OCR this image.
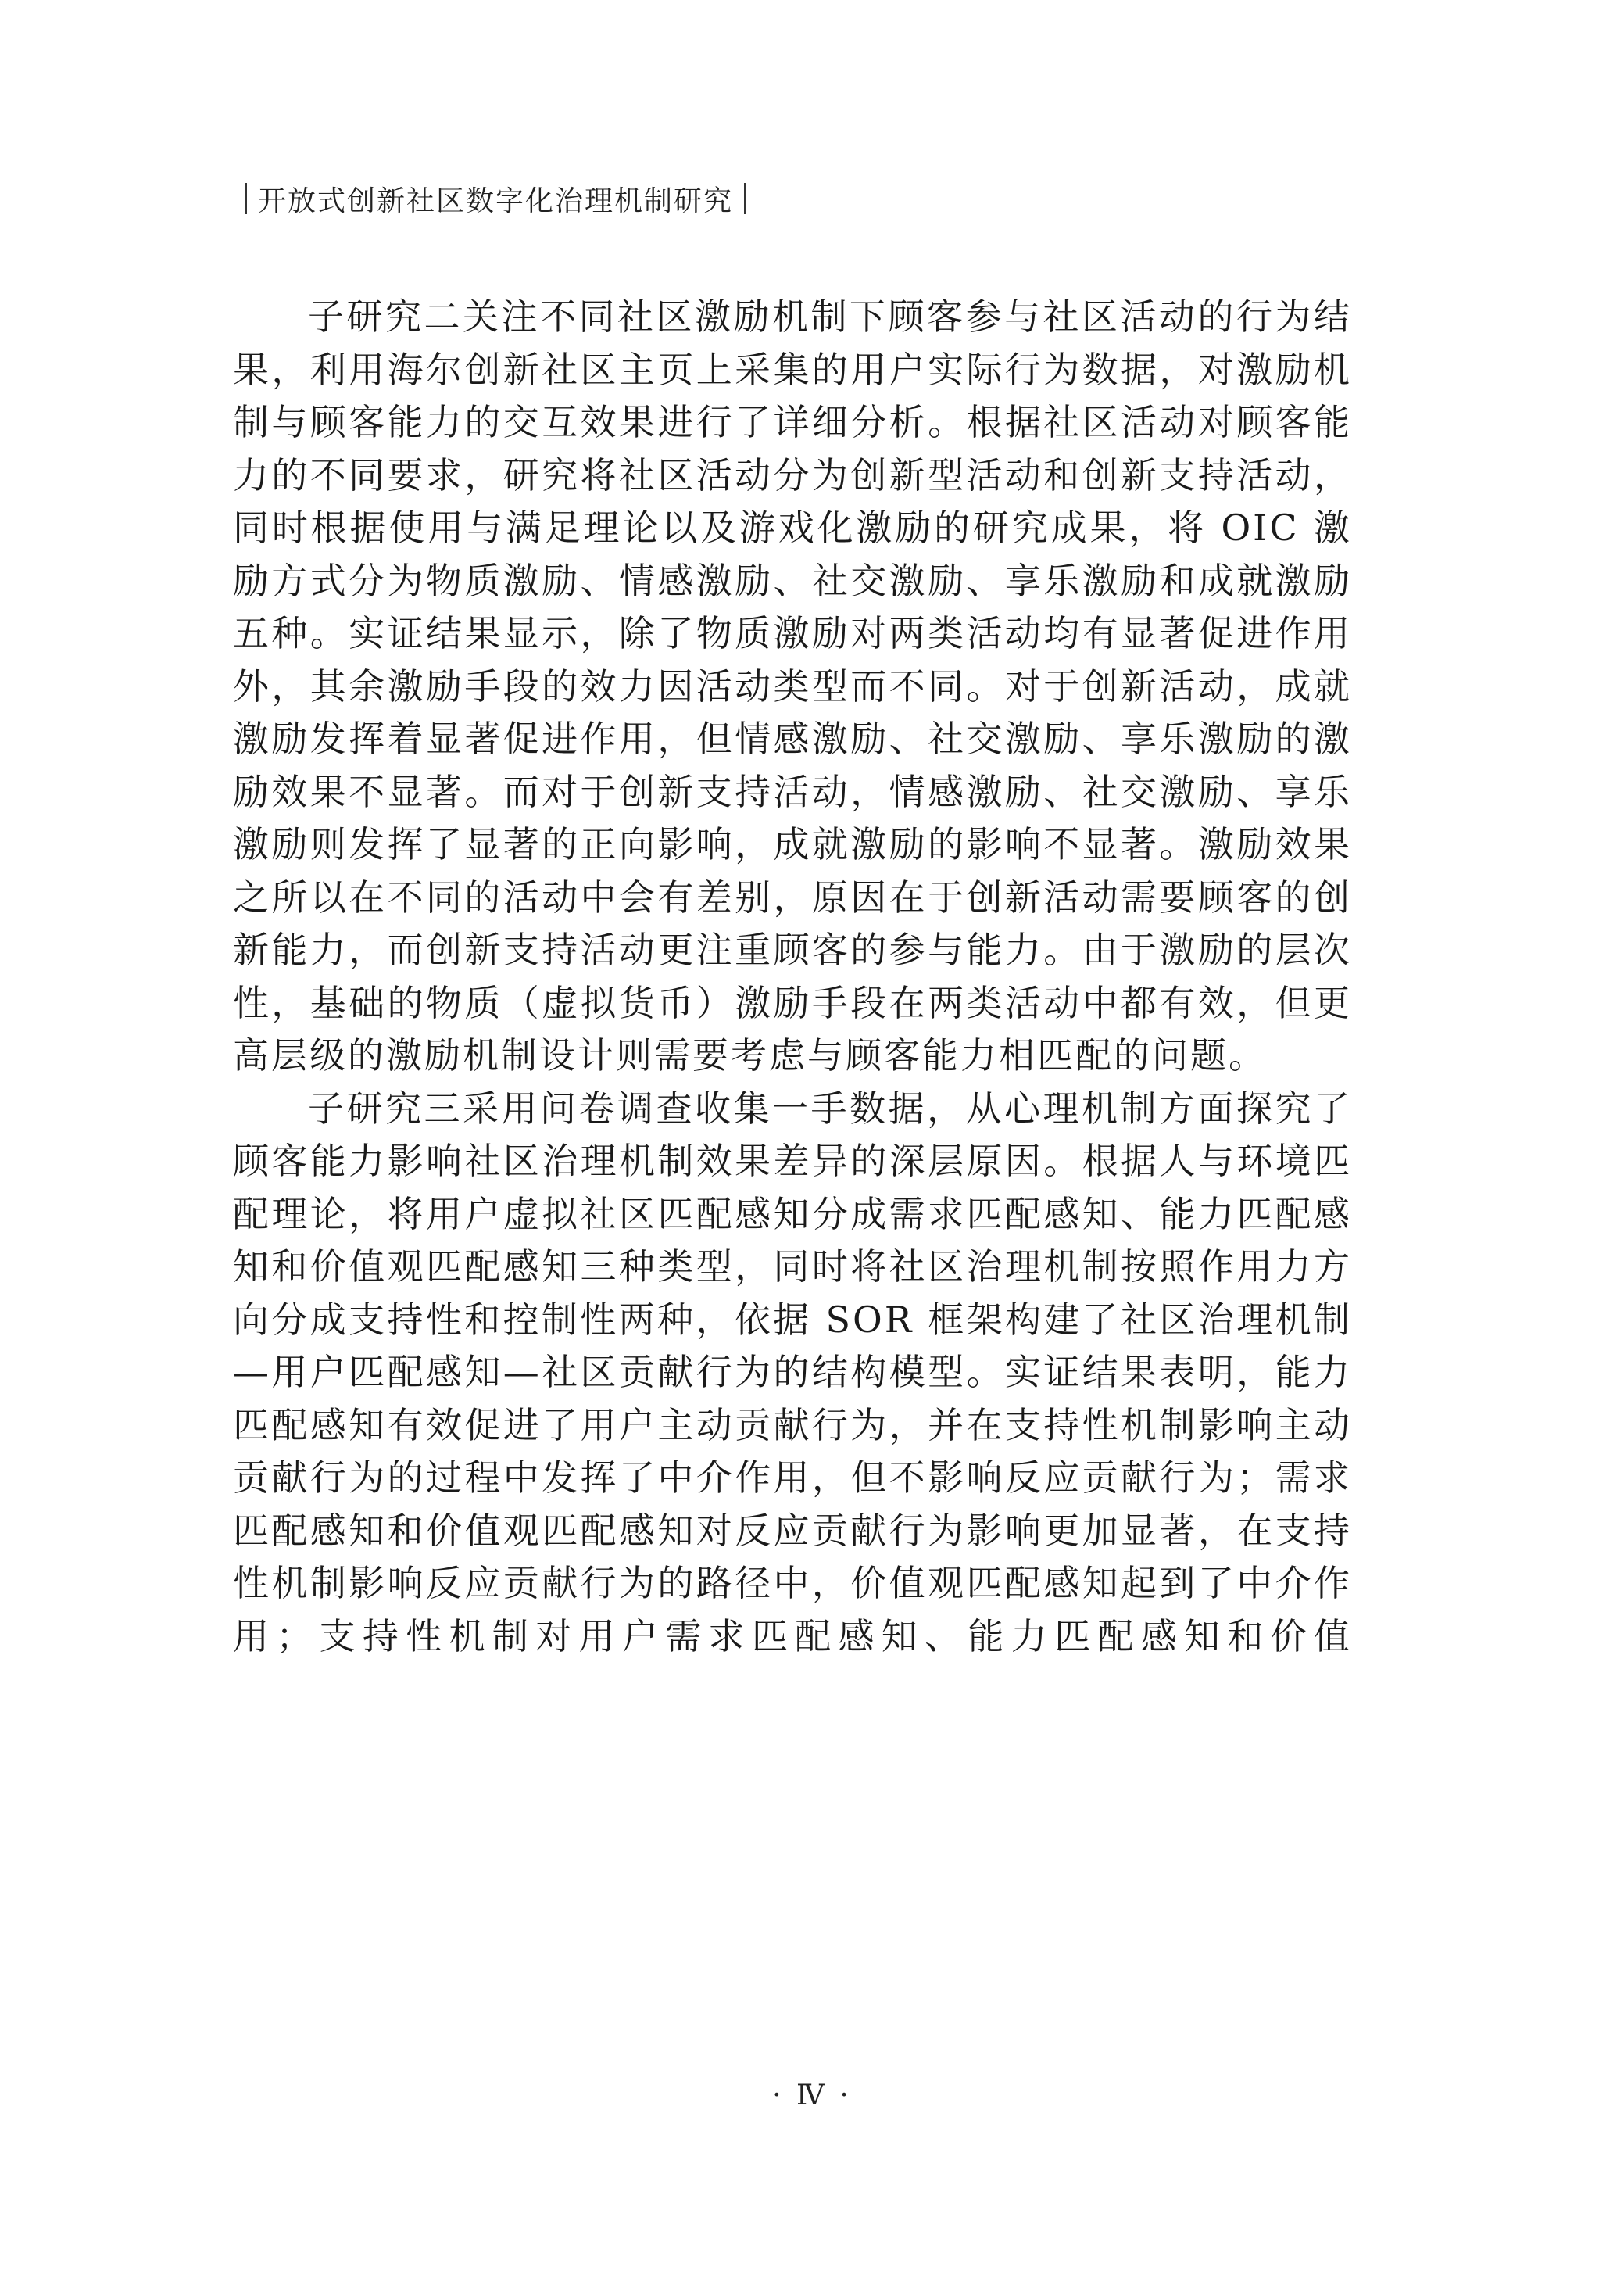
开放式创新社区数字化治理机制研究

子研究二关注不同社区激励机制下顾客参与社区活动的行为结果，利用海尔创新社区主页上采集的用户实际行为数据，对激励机制与顾客能力的交互效果进行了详细分析。根据社区活动对顾客能力的不同要求，研究将社区活动分为创新型活动和创新支持活动，同时根据使用与满足理论以及游戏化激励的研究成果，将 OIC 激励方式分为物质激励、情感激励、社交激励、享乐激励和成就激励五种。实证结果显示，除了物质激励对两类活动均有显著促进作用外，其余激励手段的效力因活动类型而不同。对于创新活动，成就激励发挥着显著促进作用，但情感激励、社交激励、享乐激励的激励效果不显著。而对于创新支持活动，情感激励、社交激励、享乐激励则发挥了显著的正向影响，成就激励的影响不显著。激励效果之所以在不同的活动中会有差别，原因在于创新活动需要顾客的创新能力，而创新支持活动更注重顾客的参与能力。由于激励的层次性，基础的物质（虚拟货币）激励手段在两类活动中都有效，但更高层级的激励机制设计则需要考虑与顾客能力相匹配的问题。

子研究三采用问卷调查收集一手数据，从心理机制方面探究了顾客能力影响社区治理机制效果差异的深层原因。根据人与环境匹配理论，将用户虚拟社区匹配感知分成需求匹配感知、能力匹配感知和价值观匹配感知三种类型，同时将社区治理机制按照作用力方向分成支持性和控制性两种，依据 SOR 框架构建了社区治理机制—用户匹配感知—社区贡献行为的结构模型。实证结果表明，能力匹配感知有效促进了用户主动贡献行为，并在支持性机制影响主动贡献行为的过程中发挥了中介作用，但不影响反应贡献行为；需求匹配感知和价值观匹配感知对反应贡献行为影响更加显著，在支持性机制影响反应贡献行为的路径中，价值观匹配感知起到了中介作用；支持性机制对用户需求匹配感知、能力匹配感知和价值

· Ⅳ ·
